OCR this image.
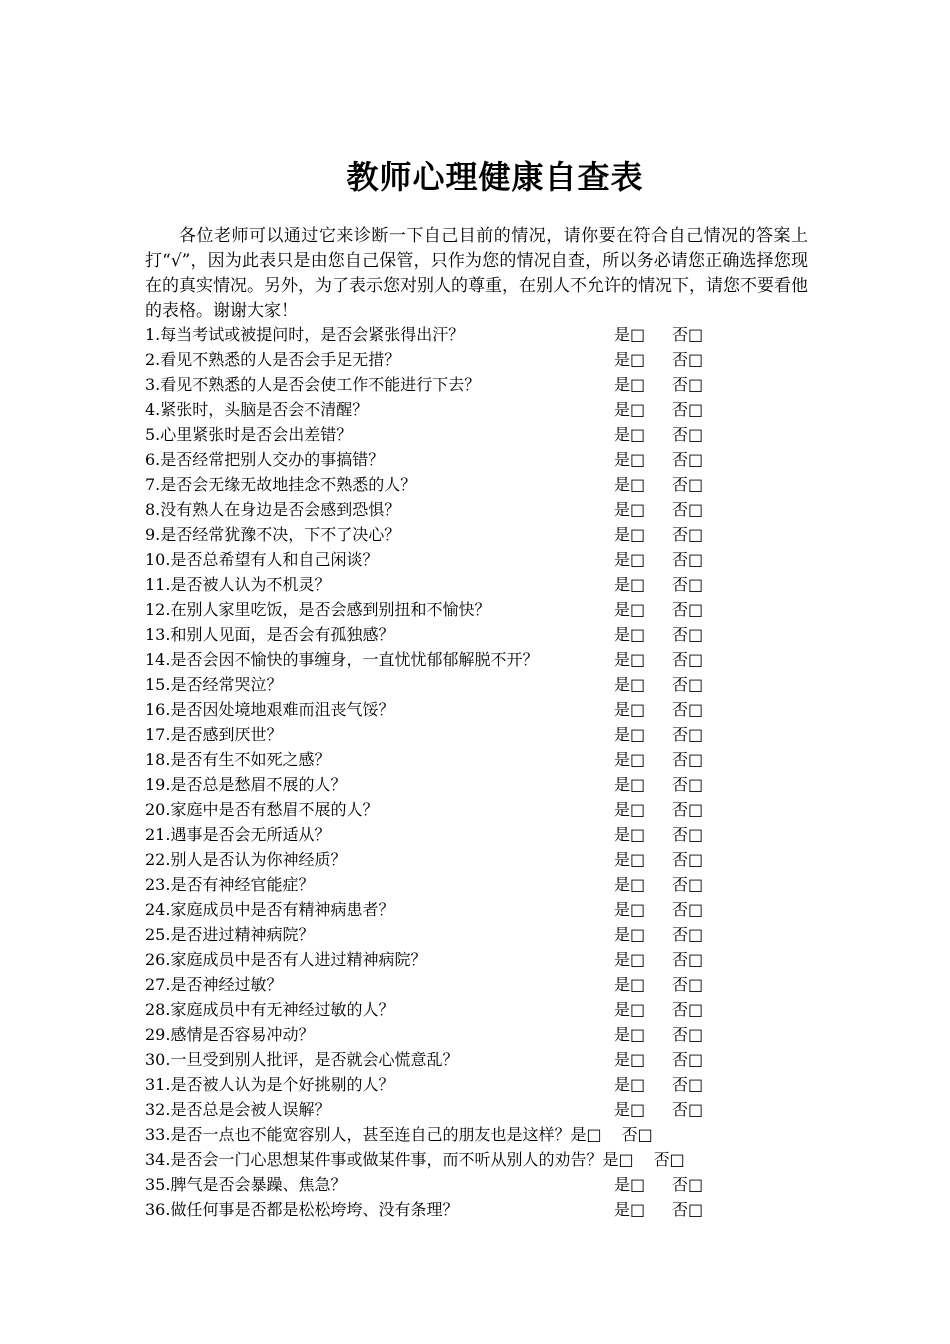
教师心理健康自查表

各位老师可以通过它来诊断一下自己目前的情况，请你要在符合自己情况的答案上打“√”，因为此表只是由您自己保管，只作为您的情况自查，所以务必请您正确选择您现在的真实情况。另外，为了表示您对别人的尊重，在别人不允许的情况下，请您不要看他的表格。谢谢大家！

1.每当考试或被提问时，是否会紧张得出汗？	是□ 否□
2.看见不熟悉的人是否会手足无措？	是□ 否□
3.看见不熟悉的人是否会使工作不能进行下去？	是□ 否□
4.紧张时，头脑是否会不清醒？	是□ 否□
5.心里紧张时是否会出差错？	是□ 否□
6.是否经常把别人交办的事搞错？	是□ 否□
7.是否会无缘无故地挂念不熟悉的人？	是□ 否□
8.没有熟人在身边是否会感到恐惧？	是□ 否□
9.是否经常犹豫不决，下不了决心？	是□ 否□
10.是否总希望有人和自己闲谈？	是□ 否□
11.是否被人认为不机灵？	是□ 否□
12.在别人家里吃饭，是否会感到别扭和不愉快？	是□ 否□
13.和别人见面，是否会有孤独感？	是□ 否□
14.是否会因不愉快的事缠身，一直忧忧郁郁解脱不开？	是□ 否□
15.是否经常哭泣？	是□ 否□
16.是否因处境地艰难而沮丧气馁？	是□ 否□
17.是否感到厌世？	是□ 否□
18.是否有生不如死之感？	是□ 否□
19.是否总是愁眉不展的人？	是□ 否□
20.家庭中是否有愁眉不展的人？	是□ 否□
21.遇事是否会无所适从？	是□ 否□
22.别人是否认为你神经质？	是□ 否□
23.是否有神经官能症？	是□ 否□
24.家庭成员中是否有精神病患者？	是□ 否□
25.是否进过精神病院？	是□ 否□
26.家庭成员中是否有人进过精神病院？	是□ 否□
27.是否神经过敏？	是□ 否□
28.家庭成员中有无神经过敏的人？	是□ 否□
29.感情是否容易冲动？	是□ 否□
30.一旦受到别人批评，是否就会心慌意乱？	是□ 否□
31.是否被人认为是个好挑剔的人？	是□ 否□
32.是否总是会被人误解？	是□ 否□
33.是否一点也不能宽容别人，甚至连自己的朋友也是这样？是□ 否□
34.是否会一门心思想某件事或做某件事，而不听从别人的劝告？是□ 否□
35.脾气是否会暴躁、焦急？	是□ 否□
36.做任何事是否都是松松垮垮、没有条理？	是□ 否□
